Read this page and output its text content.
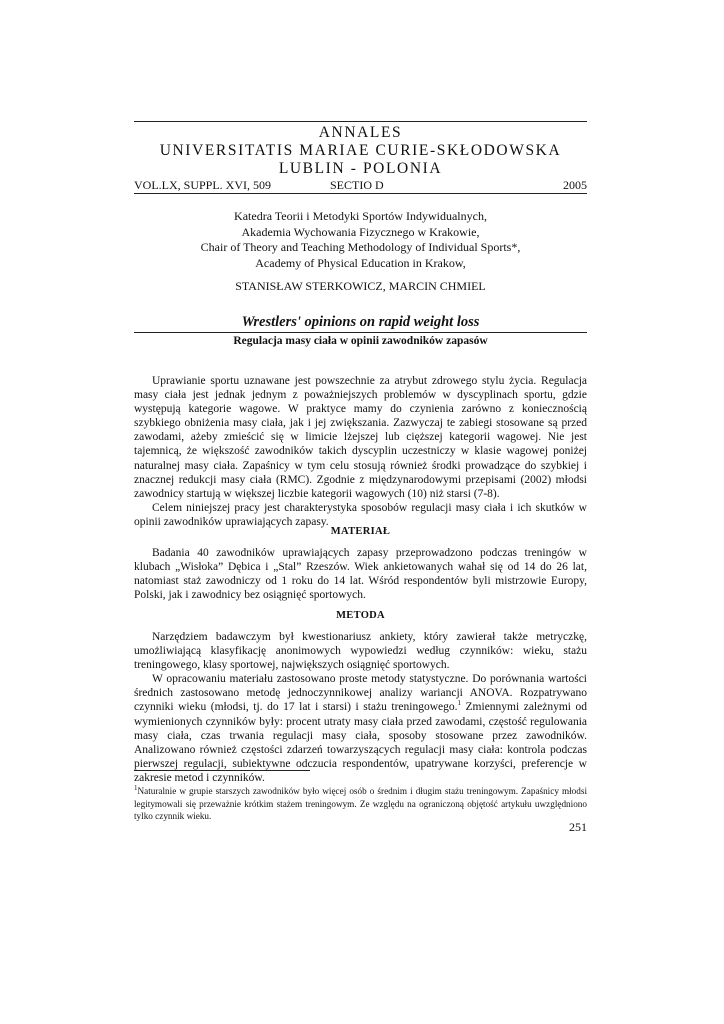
ANNALES
UNIVERSITATIS MARIAE CURIE-SKŁODOWSKA
LUBLIN - POLONIA
VOL.LX, SUPPL. XVI, 509	SECTIO D	2005
Katedra Teorii i Metodyki Sportów Indywidualnych,
Akademia Wychowania Fizycznego w Krakowie,
Chair of Theory and Teaching Methodology of Individual Sports*,
Academy of Physical Education in Krakow,
STANISŁAW STERKOWICZ, MARCIN CHMIEL
Wrestlers' opinions on rapid weight loss
Regulacja masy ciała w opinii zawodników zapasów

Uprawianie sportu uznawane jest powszechnie za atrybut zdrowego stylu życia. Regulacja masy ciała jest jednak jednym z poważniejszych problemów w dyscyplinach sportu, gdzie występują kategorie wagowe. W praktyce mamy do czynienia zarówno z koniecznością szybkiego obniżenia masy ciała, jak i jej zwiększania. Zazwyczaj te zabiegi stosowane są przed zawodami, ażeby zmieścić się w limicie lżejszej lub cięższej kategorii wagowej. Nie jest tajemnicą, że większość zawodników takich dyscyplin uczestniczy w klasie wagowej poniżej naturalnej masy ciała. Zapaśnicy w tym celu stosują również środki prowadzące do szybkiej i znacznej redukcji masy ciała (RMC). Zgodnie z międzynarodowymi przepisami (2002) młodsi zawodnicy startują w większej liczbie kategorii wagowych (10) niż starsi (7-8).

Celem niniejszej pracy jest charakterystyka sposobów regulacji masy ciała i ich skutków w opinii zawodników uprawiających zapasy.

MATERIAŁ

Badania 40 zawodników uprawiających zapasy przeprowadzono podczas treningów w klubach „Wisłoka” Dębica i „Stal” Rzeszów. Wiek ankietowanych wahał się od 14 do 26 lat, natomiast staż zawodniczy od 1 roku do 14 lat. Wśród respondentów byli mistrzowie Europy, Polski, jak i zawodnicy bez osiągnięć sportowych.

METODA

Narzędziem badawczym był kwestionariusz ankiety, który zawierał także metryczkę, umożliwiającą klasyfikację anonimowych wypowiedzi według czynników: wieku, stażu treningowego, klasy sportowej, największych osiągnięć sportowych.

W opracowaniu materiału zastosowano proste metody statystyczne. Do porównania wartości średnich zastosowano metodę jednoczynnikowej analizy wariancji ANOVA. Rozpatrywano czynniki wieku (młodsi, tj. do 17 lat i starsi) i stażu treningowego.$^1$ Zmiennymi zależnymi od wymienionych czynników były: procent utraty masy ciała przed zawodami, częstość regulowania masy ciała, czas trwania regulacji masy ciała, sposoby stosowane przez zawodników. Analizowano również częstości zdarzeń towarzyszących regulacji masy ciała: kontrola podczas pierwszej regulacji, subiektywne odczucia respondentów, upatrywane korzyści, preferencje w zakresie metod i czynników.

$^1$Naturalnie w grupie starszych zawodników było więcej osób o średnim i długim stażu treningowym. Zapaśnicy młodsi legitymowali się przeważnie krótkim stażem treningowym. Ze względu na ograniczoną objętość artykułu uwzględniono tylko czynnik wieku.
251
